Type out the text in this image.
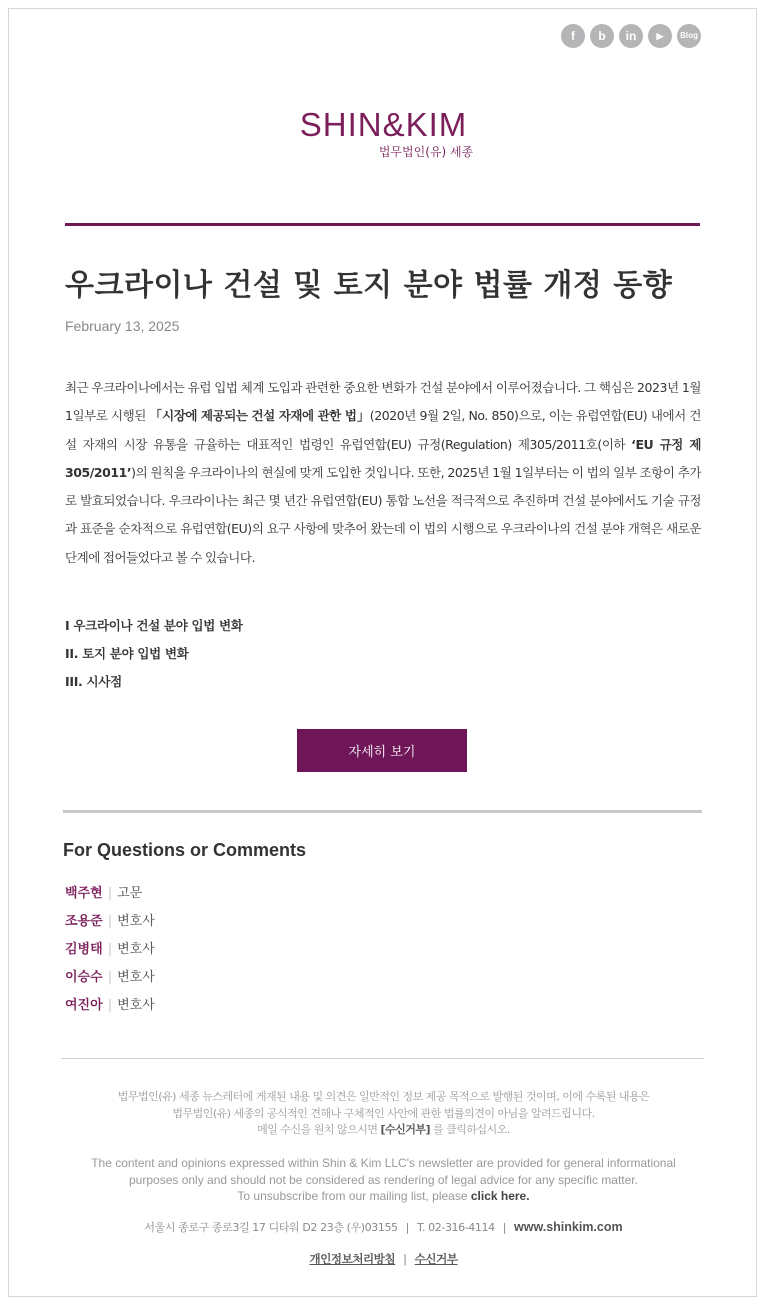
f	b	in	▶	Blog
SHIN&KIM
법무법인(유) 세종
우크라이나 건설 및 토지 분야 법률 개정 동향
February 13, 2025
최근 우크라이나에서는 유럽 입법 체계 도입과 관련한 중요한 변화가 건설 분야에서 이루어졌습니다. 그 핵심은 2023년 1월 1일부로 시행된 「시장에 제공되는 건설 자재에 관한 법」(2020년 9월 2일, No. 850)으로, 이는 유럽연합(EU) 내에서 건설 자재의 시장 유통을 규율하는 대표적인 법령인 유럽연합(EU) 규정(Regulation) 제305/2011호(이하 ‘EU 규정 제305/2011’)의 원칙을 우크라이나의 현실에 맞게 도입한 것입니다. 또한, 2025년 1월 1일부터는 이 법의 일부 조항이 추가로 발효되었습니다. 우크라이나는 최근 몇 년간 유럽연합(EU) 통합 노선을 적극적으로 추진하며 건설 분야에서도 기술 규정과 표준을 순차적으로 유럽연합(EU)의 요구 사항에 맞추어 왔는데 이 법의 시행으로 우크라이나의 건설 분야 개혁은 새로운 단계에 접어들었다고 볼 수 있습니다.
I 우크라이나 건설 분야 입법 변화
II. 토지 분야 입법 변화
III. 시사점
자세히 보기
For Questions or Comments
백주현 | 고문
조용준 | 변호사
김병태 | 변호사
이승수 | 변호사
여진아 | 변호사
법무법인(유) 세종 뉴스레터에 게재된 내용 및 의견은 일반적인 정보 제공 목적으로 발행된 것이며, 이에 수록된 내용은
법무법인(유) 세종의 공식적인 견해나 구체적인 사안에 관한 법률의견이 아님을 알려드립니다.
메일 수신을 원치 않으시면 [수신거부] 를 클릭하십시오.
The content and opinions expressed within Shin & Kim LLC's newsletter are provided for general informational
purposes only and should not be considered as rendering of legal advice for any specific matter.
To unsubscribe from our mailing list, please click here.
서울시 종로구 종로3길 17 디타워 D2 23층 (우)03155 | T. 02-316-4114 | www.shinkim.com
개인정보처리방침 | 수신거부
